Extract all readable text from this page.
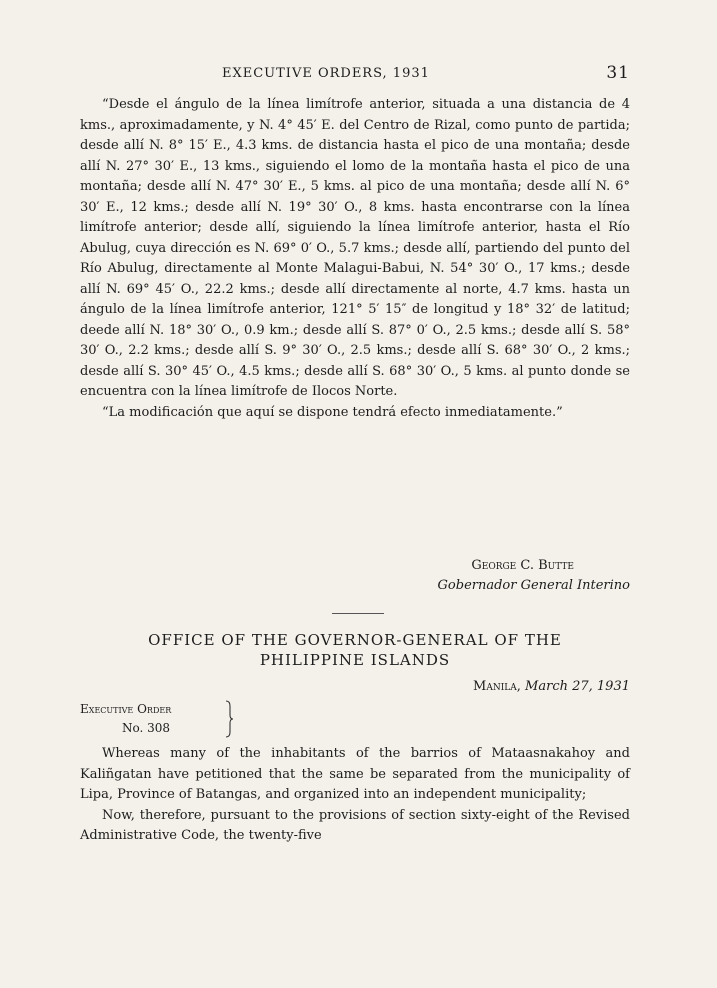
EXECUTIVE ORDERS, 1931	31

“Desde el ángulo de la línea limítrofe anterior, situada a una distancia de 4 kms., aproximadamente, y N. 4° 45′ E. del Centro de Rizal, como punto de partida; desde allí N. 8° 15′ E., 4.3 kms. de distancia hasta el pico de una montaña; desde allí N. 27° 30′ E., 13 kms., siguiendo el lomo de la montaña hasta el pico de una montaña; desde allí N. 47° 30′ E., 5 kms. al pico de una montaña; desde allí N. 6° 30′ E., 12 kms.; desde allí N. 19° 30′ O., 8 kms. hasta encontrarse con la línea limítrofe anterior; desde allí, siguiendo la línea limítrofe anterior, hasta el Río Abulug, cuya dirección es N. 69° 0′ O., 5.7 kms.; desde allí, partiendo del punto del Río Abulug, directamente al Monte Malagui-Babui, N. 54° 30′ O., 17 kms.; desde allí N. 69° 45′ O., 22.2 kms.; desde allí directamente al norte, 4.7 kms. hasta un ángulo de la línea limítrofe anterior, 121° 5′ 15″ de longitud y 18° 32′ de latitud; deede allí N. 18° 30′ O., 0.9 km.; desde allí S. 87° 0′ O., 2.5 kms.; desde allí S. 58° 30′ O., 2.2 kms.; desde allí S. 9° 30′ O., 2.5 kms.; desde allí S. 68° 30′ O., 2 kms.; desde allí S. 30° 45′ O., 4.5 kms.; desde allí S. 68° 30′ O., 5 kms. al punto donde se encuentra con la línea limítrofe de Ilocos Norte.

“La modificación que aquí se dispone tendrá efecto inmediatamente.”

George C. Butte
Gobernador General Interino
OFFICE OF THE GOVERNOR-GENERAL OF THE
PHILIPPINE ISLANDS
Manila, March 27, 1931
Executive Order
No. 308

Whereas many of the inhabitants of the barrios of Mataasnakahoy and Kaliñgatan have petitioned that the same be separated from the municipality of Lipa, Province of Batangas, and organized into an independent municipality;

Now, therefore, pursuant to the provisions of section sixty-eight of the Revised Administrative Code, the twenty-five
